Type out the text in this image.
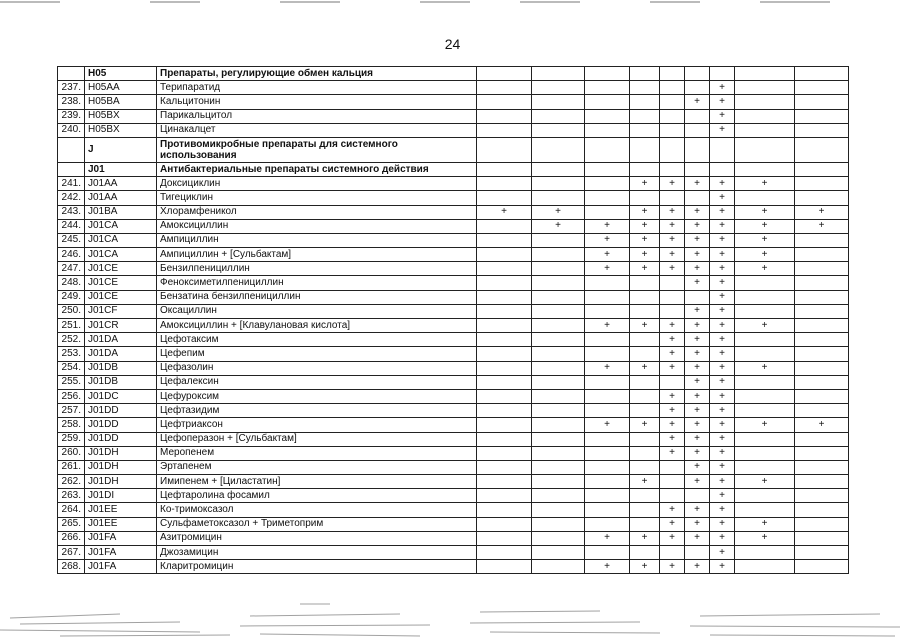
24
	H05	Препараты, регулирующие обмен кальция									
237.	H05AA	Терипаратид							+		
238.	H05BA	Кальцитонин						+	+		
239.	H05BX	Парикальцитол							+		
240.	H05BX	Цинакалцет							+		
	J	Противомикробные препараты для системного использования									
	J01	Антибактериальные препараты системного действия									
241.	J01AA	Доксициклин				+	+	+	+	+	
242.	J01AA	Тигециклин							+		
243.	J01BA	Хлорамфеникол	+	+		+	+	+	+	+	+
244.	J01CA	Амоксициллин		+	+	+	+	+	+	+	+
245.	J01CA	Ампициллин			+	+	+	+	+	+	
246.	J01CA	Ампициллин + [Сульбактам]			+	+	+	+	+	+	
247.	J01CE	Бензилпенициллин			+	+	+	+	+	+	
248.	J01CE	Феноксиметилпенициллин						+	+		
249.	J01CE	Бензатина бензилпенициллин							+		
250.	J01CF	Оксациллин						+	+		
251.	J01CR	Амоксициллин + [Клавулановая кислота]			+	+	+	+	+	+	
252.	J01DA	Цефотаксим					+	+	+		
253.	J01DA	Цефепим					+	+	+		
254.	J01DB	Цефазолин			+	+	+	+	+	+	
255.	J01DB	Цефалексин						+	+		
256.	J01DC	Цефуроксим					+	+	+		
257.	J01DD	Цефтазидим					+	+	+		
258.	J01DD	Цефтриаксон			+	+	+	+	+	+	+
259.	J01DD	Цефоперазон + [Сульбактам]					+	+	+		
260.	J01DH	Меропенем					+	+	+		
261.	J01DH	Эртапенем						+	+		
262.	J01DH	Имипенем + [Циластатин]				+		+	+	+	
263.	J01DI	Цефтаролина фосамил							+		
264.	J01EE	Ко-тримоксазол					+	+	+		
265.	J01EE	Сульфаметоксазол + Триметоприм					+	+	+	+	
266.	J01FA	Азитромицин			+	+	+	+	+	+	
267.	J01FA	Джозамицин							+		
268.	J01FA	Кларитромицин			+	+	+	+	+		
